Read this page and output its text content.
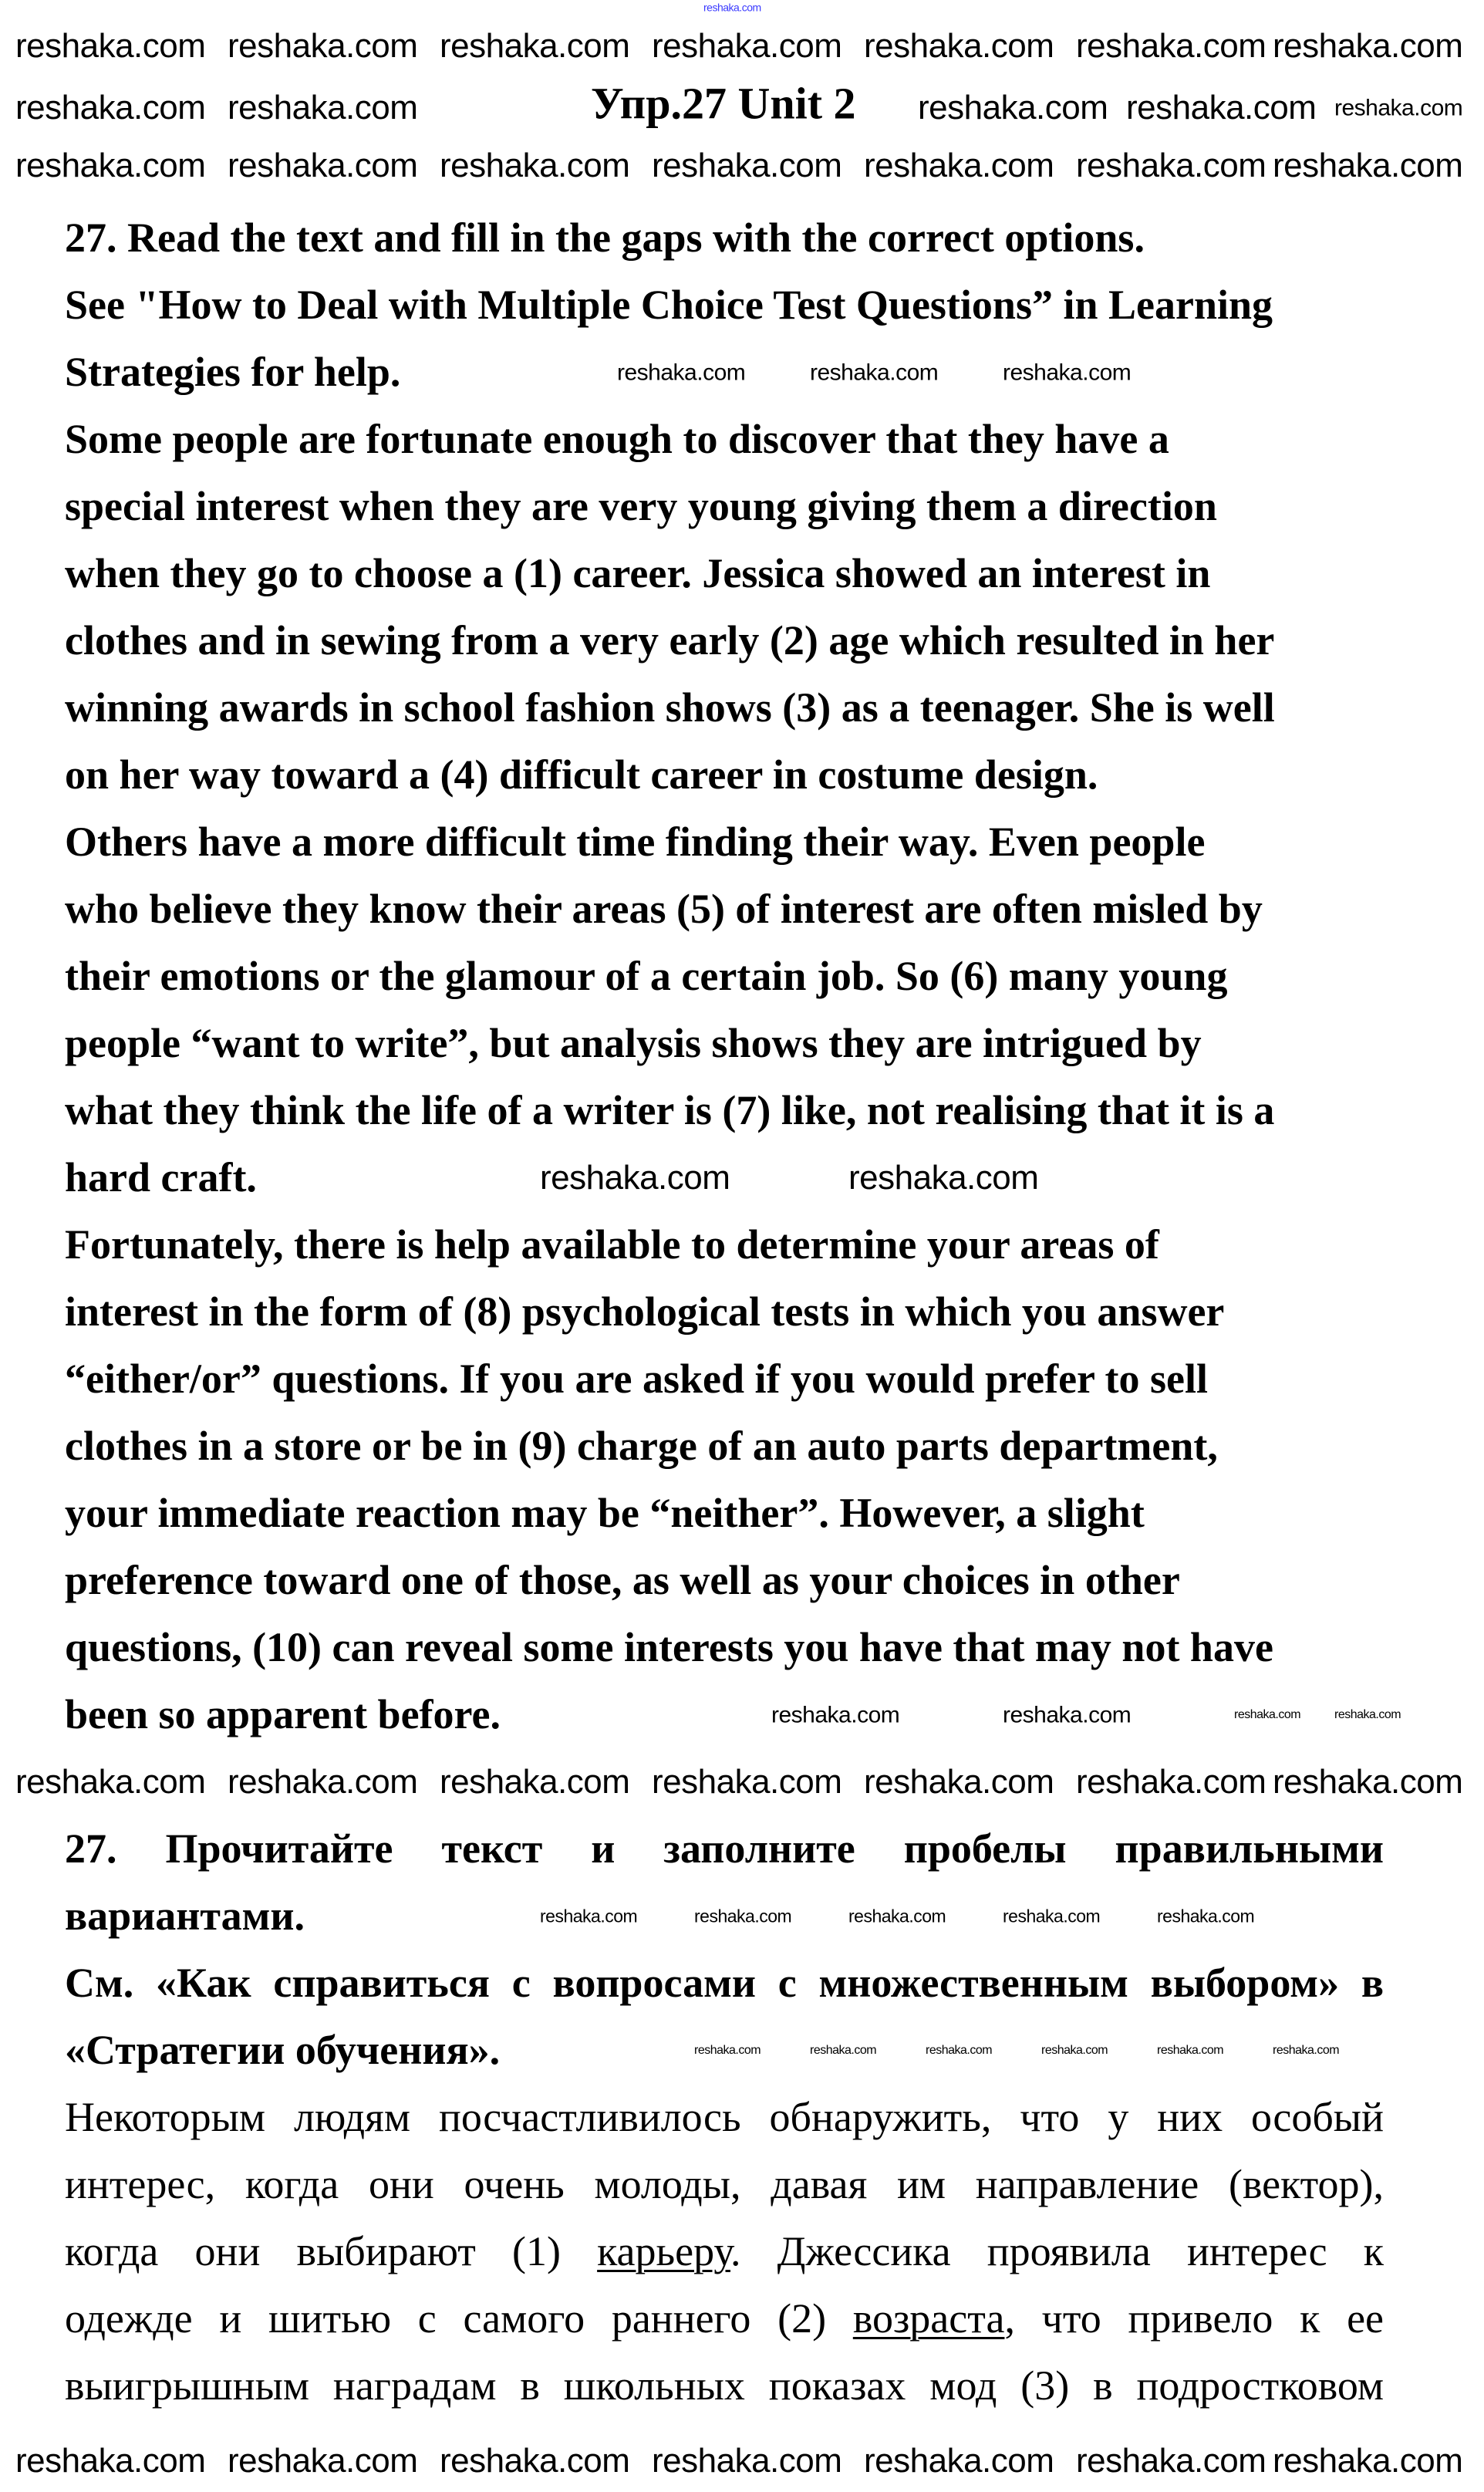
reshaka.com
Упр.27 Unit 2
27. Read the text and fill in the gaps with the correct options.
See "How to Deal with Multiple Choice Test Questions” in Learning
Strategies for help.
Some people are fortunate enough to discover that they have a
special interest when they are very young giving them a direction
when they go to choose a (1) career. Jessica showed an interest in
clothes and in sewing from a very early (2) age which resulted in her
winning awards in school fashion shows (3) as a teenager. She is well
on her way toward a (4) difficult career in costume design.
Others have a more difficult time finding their way. Even people
who believe they know their areas (5) of interest are often misled by
their emotions or the glamour of a certain job. So (6) many young
people “want to write”, but analysis shows they are intrigued by
what they think the life of a writer is (7) like, not realising that it is a
hard craft.
Fortunately, there is help available to determine your areas of
interest in the form of (8) psychological tests in which you answer
“either/or” questions. If you are asked if you would prefer to sell
clothes in a store or be in (9) charge of an auto parts department,
your immediate reaction may be “neither”. However, a slight
preference toward one of those, as well as your choices in other
questions, (10) can reveal some interests you have that may not have
been so apparent before.
27. Прочитайте текст и заполните пробелы правильными
вариантами.
См. «Как справиться с вопросами с множественным выбором» в
«Стратегии обучения».
Некоторым людям посчастливилось обнаружить, что у них особый
интерес, когда они очень молоды, давая им направление (вектор),
когда они выбирают (1) карьеру. Джессика проявила интерес к
одежде и шитью с самого раннего (2) возраста, что привело к ее
выигрышным наградам в школьных показах мод (3) в подростковом
reshaka.com reshaka.com reshaka.com reshaka.com reshaka.com reshaka.com reshaka.com
reshaka.com reshaka.com	reshaka.com reshaka.com reshaka.com
reshaka.com reshaka.com reshaka.com reshaka.com reshaka.com reshaka.com reshaka.com
reshaka.com	reshaka.com	reshaka.com
reshaka.com	reshaka.com
reshaka.com	reshaka.com	reshaka.com	reshaka.com
reshaka.com reshaka.com reshaka.com reshaka.com reshaka.com reshaka.com reshaka.com
reshaka.com	reshaka.com	reshaka.com	reshaka.com	reshaka.com
reshaka.com	reshaka.com	reshaka.com	reshaka.com	reshaka.com	reshaka.com
reshaka.com reshaka.com reshaka.com reshaka.com reshaka.com reshaka.com reshaka.com
